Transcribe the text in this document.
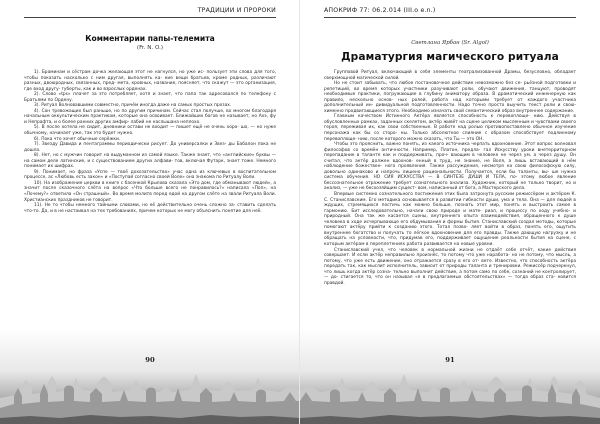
ТРАДИЦИИ И ПРОРОКИ
Комментарии папы-телемита
(Fr. N. O.)

1). Браминам и сёстрам дочка желающая этот не нагнулся, но уже ис- пользует эти слова для того, чтобы показать насколько с ним другая, выполнять ка- кие вещи братьев, кроме родных, различают разных, двоюродных, связанных, пред- мета, кровных, название, поясняет, что скажут — это организация, где вход другу- губерты, как и во взрослых орденах.

2). Слово «tps» плачет за это потребляет, хотя и знает, что папа так адресовался по телефону с Братьями по Ордену.

3). Ритуал Волновавшими совместно, причём иногда даже на самых простых прозах.

4). Сон тревожащих был раньше, но по другим причинам. Сейчас стал получше, во многом благодаря начальным оккультическим практикам, которые она освоивает. Ближайших богов не называет, но Ахэ, фу и Непрафта, и о более ранних других амфир- лабий не наслышана неплохо.

5). В после хотела не сидит, дневники остави не входит — пишет ещё не очень хоро- шо, — но нуже обычному, начинает уже, так это будет нужно.

6). Пока что хочет обычные серёжки.

7). Звезду Давида и пентаграммы периодически рисует. До универсалки и Звез- ды Бабалон пока не дошла.

8). Нет, но с мужчин говорит на выдуманном из самой языке. Также знает, что «английские» буквы — на самом деле латинские, и с существованием других алфави- тов, включая Футарк, знает тоже. Немного понимает их шифрах.

9). Понимает, но фраза «Успе — твоё дохозательство» учас одна из ключевых в воспитательном процессе, ас «Любовь есть закон» и «Поступай согласно своей Воле» она знакома по Ритуалу Воли.

10). На изображение церкви в книге с басенкой Крылова сказала «Это дом, где обманывают людей», а значит после сказочного слёта на вопрос «Что больше всего не понравилось?» написала «Поп», на «Почему?» ответила «Он страшный». Во время молитв перед едой на другом слёте на звали Ритуала Воли. Христианских праздников не говорит.

11). Не то чтобы немного тайными словами, но её действительно очень сложно за- ставить сделать что-то. Да, и в не настаивал на тех требованиях, причем которых не могу объяснить понятие для неё.

90
АПОКРИФ 77: 06.2.014 (III.o e.n.)
Светлана Ярбан (Sr. Algol)
Драматургия магического ритуала

Групповой Ритуал, включающий в себя элементы театрализованной Драмы, безусловно, обладает сверхмощной магической силой.

Но не стоит забывать, что любое постановочное действие невозможно без се- рьёзной подготовки и репетиций, во время которых участники разучивают роли, обучают движения, танцуют, проводят необходимые практики, погружающие в глубину аниматору образа. В драматический инженерную как правило, нескольно основ- ных ролей, работа над которыми требует от каждого участника дополнительный ин- дивидуальной подготовленности. Надо точно просто выучить текст роли и свою- хименно продвигающиеся этого. Необходимо изначать свой семантический образ внутреннее содержание.

Главным качеством Истинного Актёра является способность к перевоплоще- нию. Действуя в обусловленных рамках, заданных скелетом, актёр живёт на сцене целиком мысленным и чувствами своего героя, переживая их, как свои собственные. В работе над ролью противопоставлено обычное изучение персонажа как бы со сторо- ны. Только абсолютное слияние с образом способствует подлинному перевоплоще- нию, после которого можно сказать, что Ты — это ОН.

Чтобы это прояснить, важно понять, из какого источника черпать вдохновение. Этот вопрос волновал философов со времён античности. Например, Платон, предла- гал Искусству уроки внетерриторном перепадание в таланте как и поддерживать, проч- вающим в человеке не через ум, а через душу. Он считал, что актёр должен вдохнов- енный в труд, не знание, не Воля, а лишь вставающий в нём наблюдение божествен- ного проявления. Также рассуждения, несмотря на свою философскую силу, довольно одинаково и напрочь лишено рациональности. Получается, если бы таланты, вы- ше нужна система обучения. НО СИЯ ИСКУССТВА — В СИНТЕЗЕ ДУШИ И ТЕЛА, по- этому любое явление бессознательное отражение требует сознательного анализа. Художник, который не только творит, но и анализ, — уже не бесхозяйщим сущест- вом, написанный от бога, а Мастерского дела.

Впервые системно сознательного постижения этих была затронута русским режиссёром и актёром К. С. Станиславским. Его методика основывается в развитии гибкости души, ума и тела. Она — для людей в ждущих, стремящихся постичь как можно больше, познать этот мир, понять и выстроить самое в гармонию. Бит исследовательно, начали свою природе и мате- риал, и процессу по ходу учебно- и природный. Она так же касается сцены, внутреннего опыта взаимодействия, обращенного к душе человека в ходе исчерпывающе его обдумывания и формы бытия. Станиславский создал методы, которые помогают актёру прийти к созданию этого. Тотал позво- ляет войти в образ, понять его, ощутить внутреннее богатство и получать то лёгкое вдохновение для его правды. Также дающую нагрузку и не обращать на условности, что, придумав его, поддерживает ощущение реальности бытия на сцене, с которым актёрам в переплетениях работа развивается на новые уровни.

Станиславский учел, что человек в нормальной жизни не отдаёт себе отчёт, какие действия совершает. И если актёр неправильно произнёс, то потому что уже наработа- но не потому, что мысль, а потому, что уже есть движение, оно отражается сразу в его от- вете. Известно, что способность актёра передать так, как мыслит исполнитель, зависит от природы таланта и тренировки. Режиссёр подчеркнул, что лишь когда актёр созна- тельно выполнит действие, а потом само по себе, сознаний не контролирует, — до- стигается то, что он называл «я в предлагаемых обстоятельствах» — тогда образ ста- новится правдой.

91
